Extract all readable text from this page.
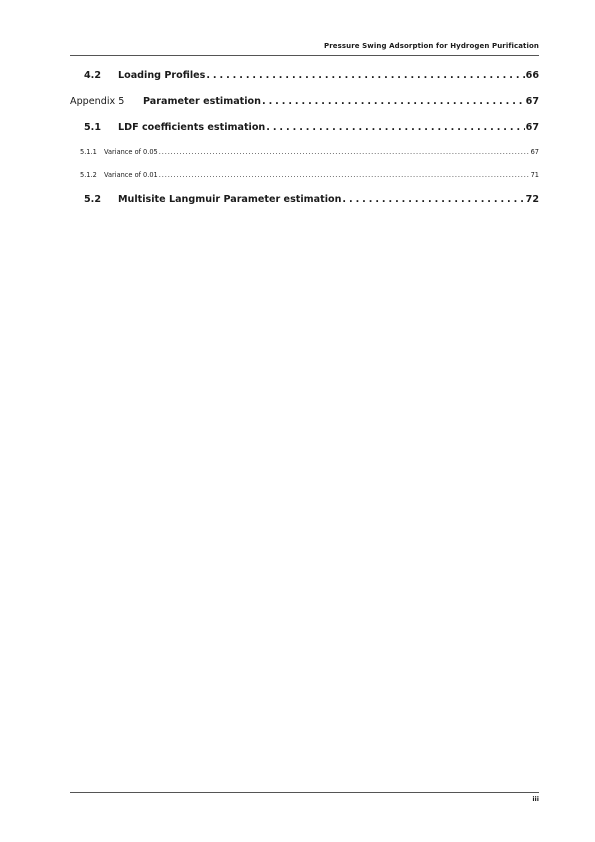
Pressure Swing Adsorption for Hydrogen Purification
4.2	Loading Profiles . . .	66
Appendix 5	Parameter estimation . . .	67
5.1	LDF coefficients estimation . . .	67
5.1.1	Variance of 0.05 . . .	67
5.1.2	Variance of 0.01 . . .	71
5.2	Multisite Langmuir Parameter estimation . . .	72
iii
